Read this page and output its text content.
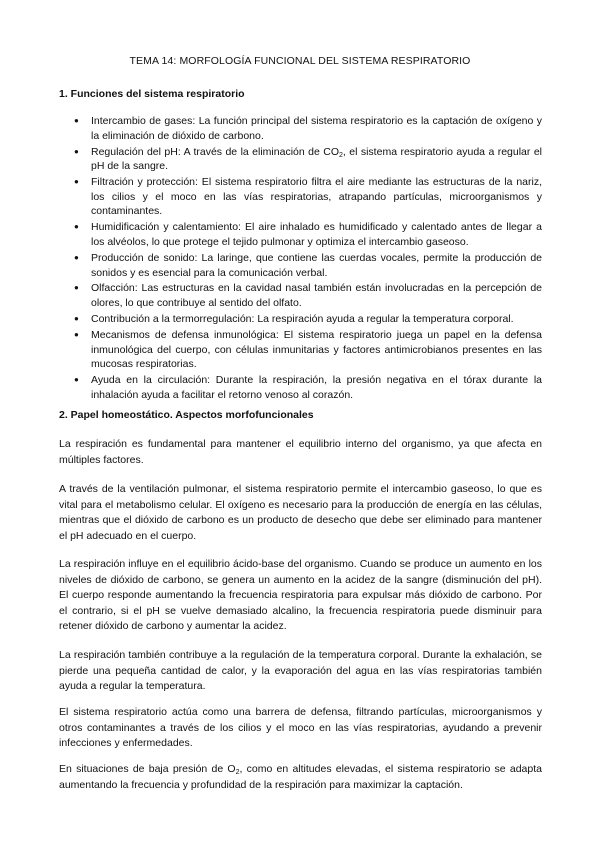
TEMA 14: MORFOLOGÍA FUNCIONAL DEL SISTEMA RESPIRATORIO
1. Funciones del sistema respiratorio
● Intercambio de gases: La función principal del sistema respiratorio es la captación de oxígeno y la eliminación de dióxido de carbono.
● Regulación del pH: A través de la eliminación de $CO_2$, el sistema respiratorio ayuda a regular el pH de la sangre.
● Filtración y protección: El sistema respiratorio filtra el aire mediante las estructuras de la nariz, los cilios y el moco en las vías respiratorias, atrapando partículas, microorganismos y contaminantes.
● Humidificación y calentamiento: El aire inhalado es humidificado y calentado antes de llegar a los alvéolos, lo que protege el tejido pulmonar y optimiza el intercambio gaseoso.
● Producción de sonido: La laringe, que contiene las cuerdas vocales, permite la producción de sonidos y es esencial para la comunicación verbal.
● Olfacción: Las estructuras en la cavidad nasal también están involucradas en la percepción de olores, lo que contribuye al sentido del olfato.
● Contribución a la termorregulación: La respiración ayuda a regular la temperatura corporal.
● Mecanismos de defensa inmunológica: El sistema respiratorio juega un papel en la defensa inmunológica del cuerpo, con células inmunitarias y factores antimicrobianos presentes en las mucosas respiratorias.
● Ayuda en la circulación: Durante la respiración, la presión negativa en el tórax durante la inhalación ayuda a facilitar el retorno venoso al corazón.
2. Papel homeostático. Aspectos morfofuncionales

La respiración es fundamental para mantener el equilibrio interno del organismo, ya que afecta en múltiples factores.

A través de la ventilación pulmonar, el sistema respiratorio permite el intercambio gaseoso, lo que es vital para el metabolismo celular. El oxígeno es necesario para la producción de energía en las células, mientras que el dióxido de carbono es un producto de desecho que debe ser eliminado para mantener el pH adecuado en el cuerpo.

La respiración influye en el equilibrio ácido-base del organismo. Cuando se produce un aumento en los niveles de dióxido de carbono, se genera un aumento en la acidez de la sangre (disminución del pH). El cuerpo responde aumentando la frecuencia respiratoria para expulsar más dióxido de carbono. Por el contrario, si el pH se vuelve demasiado alcalino, la frecuencia respiratoria puede disminuir para retener dióxido de carbono y aumentar la acidez.

La respiración también contribuye a la regulación de la temperatura corporal. Durante la exhalación, se pierde una pequeña cantidad de calor, y la evaporación del agua en las vías respiratorias también ayuda a regular la temperatura.

El sistema respiratorio actúa como una barrera de defensa, filtrando partículas, microorganismos y otros contaminantes a través de los cilios y el moco en las vías respiratorias, ayudando a prevenir infecciones y enfermedades.

En situaciones de baja presión de $O_2$, como en altitudes elevadas, el sistema respiratorio se adapta aumentando la frecuencia y profundidad de la respiración para maximizar la captación.
